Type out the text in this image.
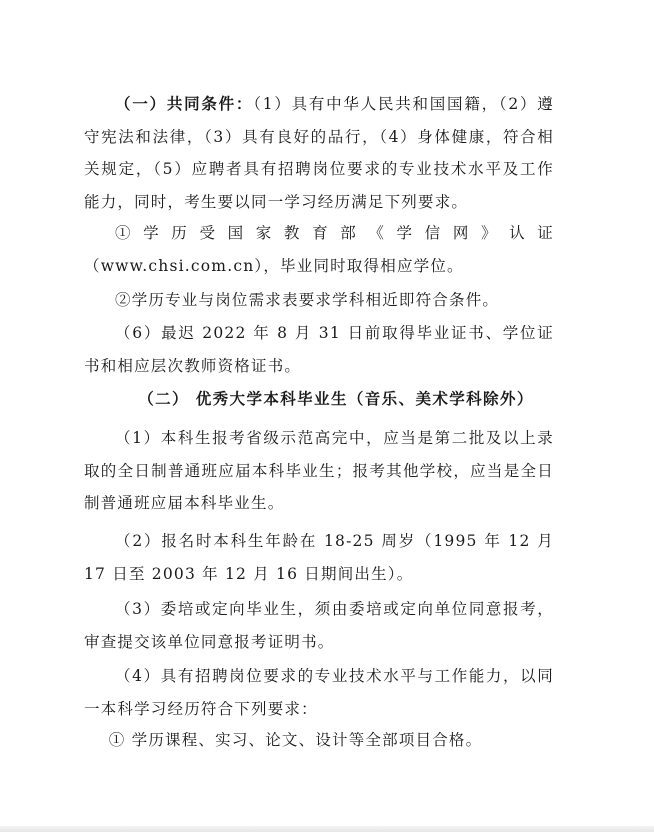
（一）共同条件：（1）具有中华人民共和国国籍，（2）遵守宪法和法律，（3）具有良好的品行，（4）身体健康，符合相关规定，（5）应聘者具有招聘岗位要求的专业技术水平及工作能力，同时，考生要以同一学习经历满足下列要求。
①学历受国家教育部《学信网》认证（www.chsi.com.cn），毕业同时取得相应学位。
②学历专业与岗位需求表要求学科相近即符合条件。
（6）最迟 2022 年 8 月 31 日前取得毕业证书、学位证书和相应层次教师资格证书。
（二） 优秀大学本科毕业生（音乐、美术学科除外）
（1）本科生报考省级示范高完中，应当是第二批及以上录取的全日制普通班应届本科毕业生；报考其他学校，应当是全日制普通班应届本科毕业生。
（2）报名时本科生年龄在 18-25 周岁（1995 年 12 月 17 日至 2003 年 12 月 16 日期间出生）。
（3）委培或定向毕业生，须由委培或定向单位同意报考，审查提交该单位同意报考证明书。
（4）具有招聘岗位要求的专业技术水平与工作能力，以同一本科学习经历符合下列要求：
① 学历课程、实习、论文、设计等全部项目合格。
